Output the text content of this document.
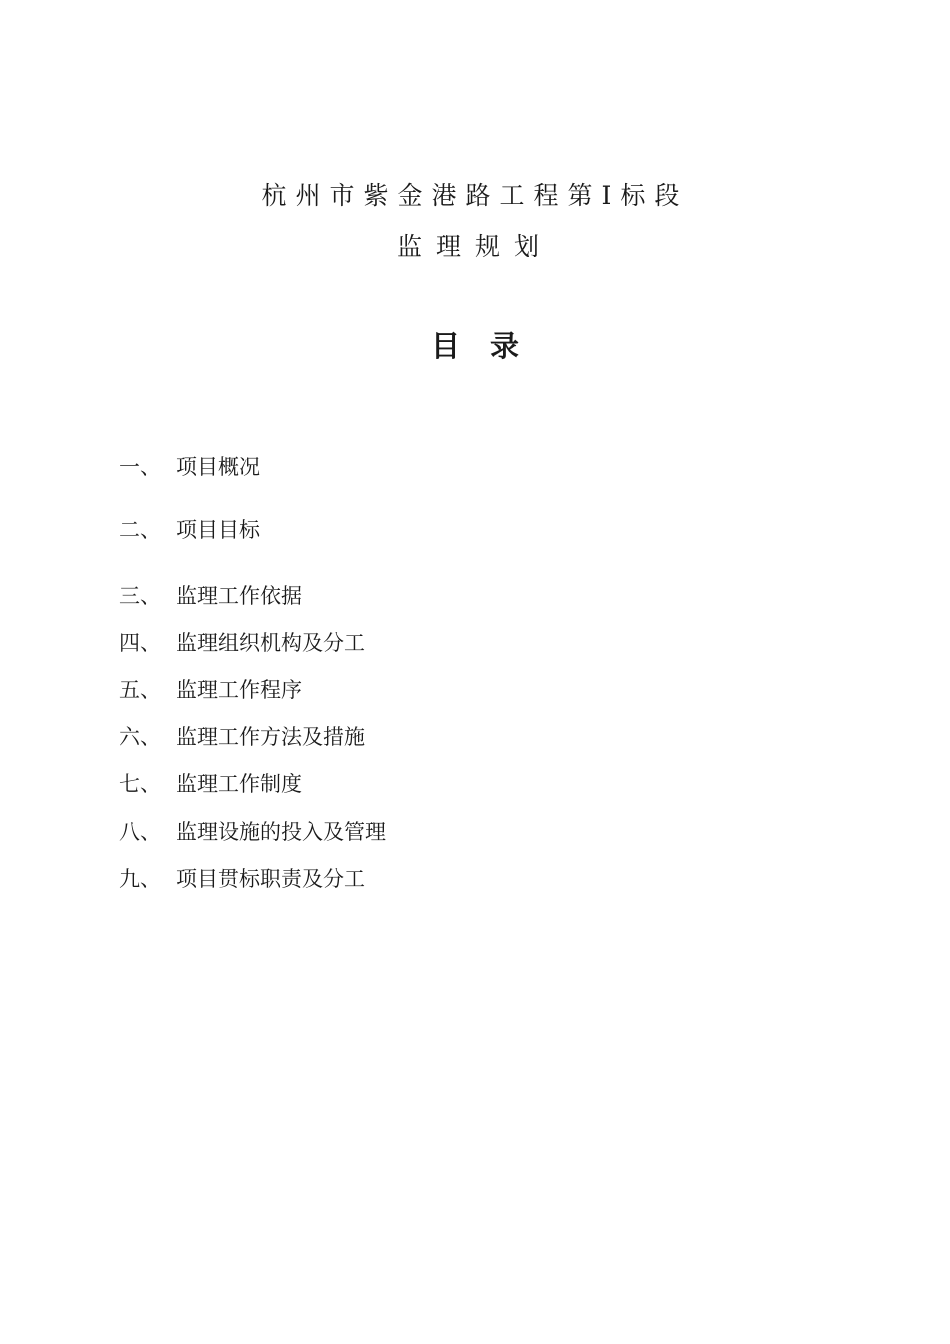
杭州市紫金港路工程第Ⅰ标段
监理规划
目录
一、 项目概况
二、 项目目标
三、 监理工作依据
四、 监理组织机构及分工
五、 监理工作程序
六、 监理工作方法及措施
七、 监理工作制度
八、 监理设施的投入及管理
九、 项目贯标职责及分工
